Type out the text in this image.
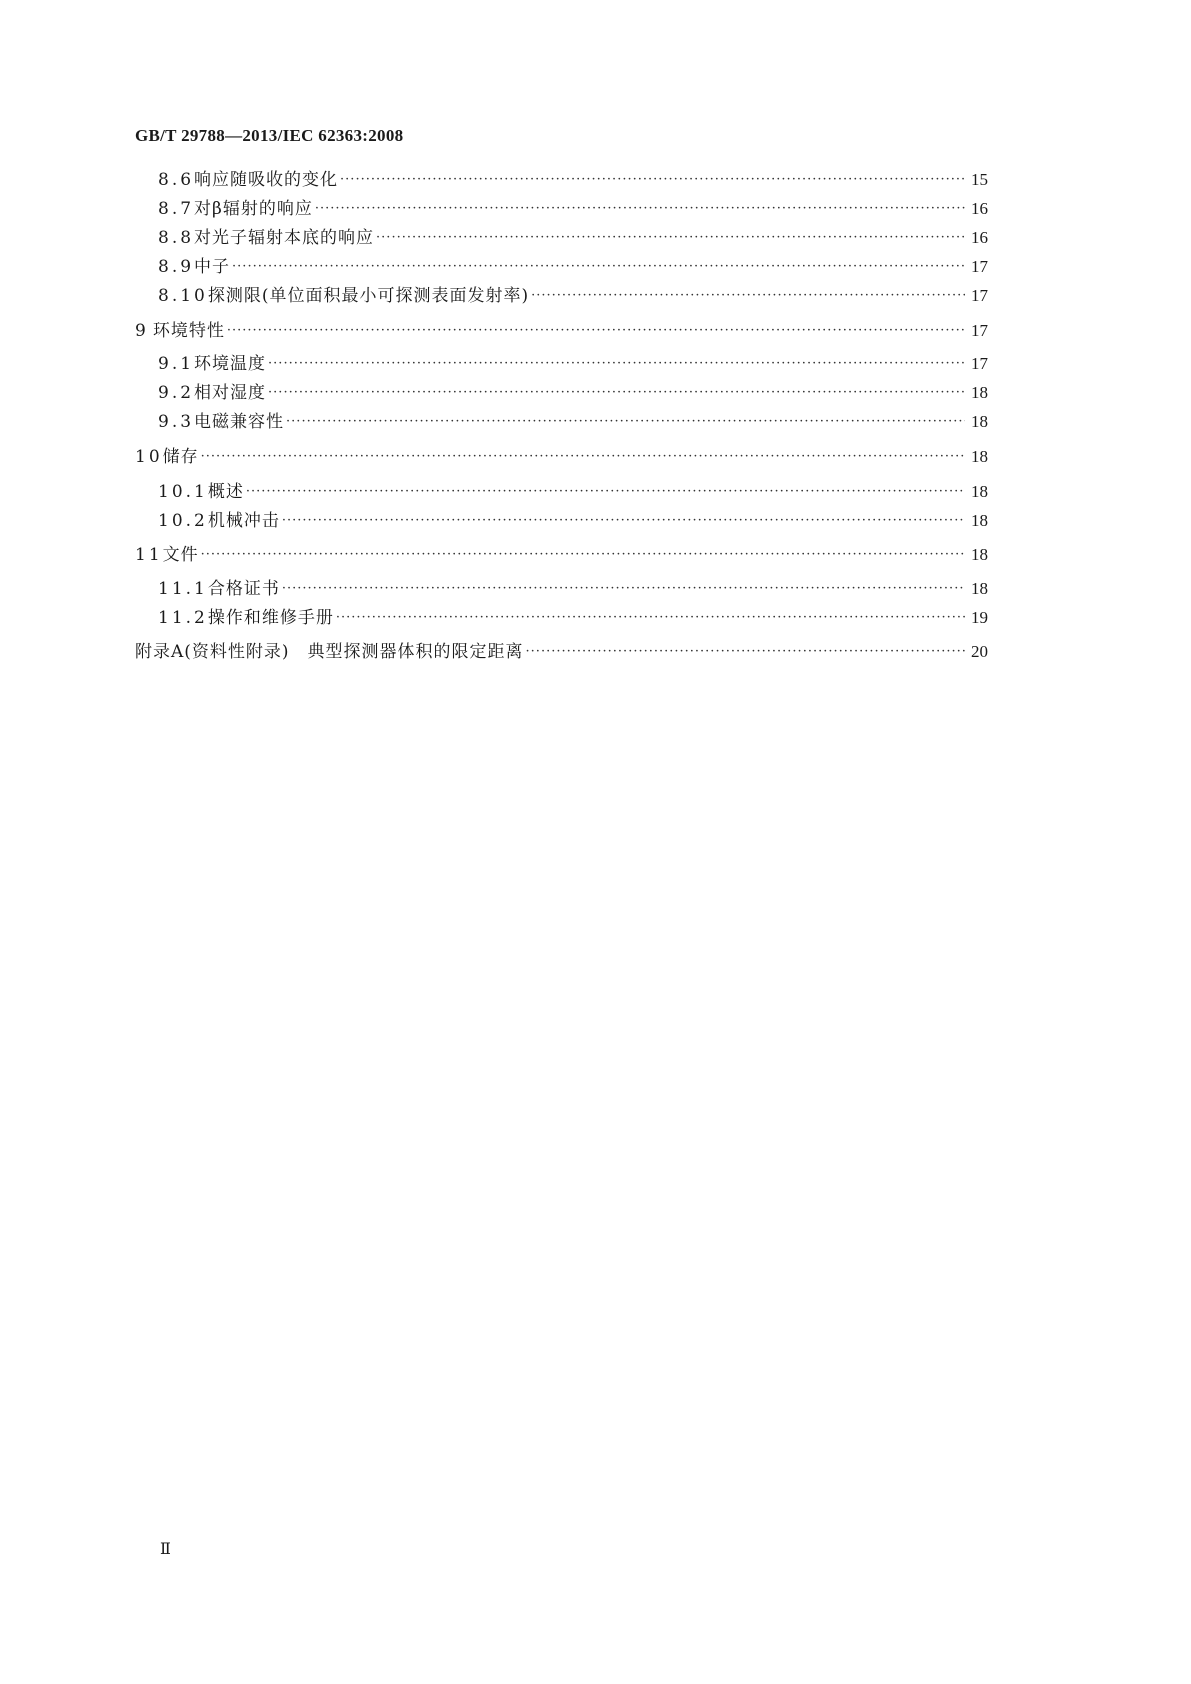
GB/T 29788—2013/IEC 62363:2008
8.6 响应随吸收的变化 ·····	15
8.7 对β辐射的响应 ·····	16
8.8 对光子辐射本底的响应 ·····	16
8.9 中子 ·····	17
8.10 探测限(单位面积最小可探测表面发射率) ·····	17
9 环境特性 ·····	17
9.1 环境温度 ·····	17
9.2 相对湿度 ·····	18
9.3 电磁兼容性 ·····	18
10 储存 ·····	18
10.1 概述 ·····	18
10.2 机械冲击 ·····	18
11 文件 ·····	18
11.1 合格证书 ·····	18
11.2 操作和维修手册 ·····	19
附录A (资料性附录)　典型探测器体积的限定距离 ·····	20
Ⅱ
